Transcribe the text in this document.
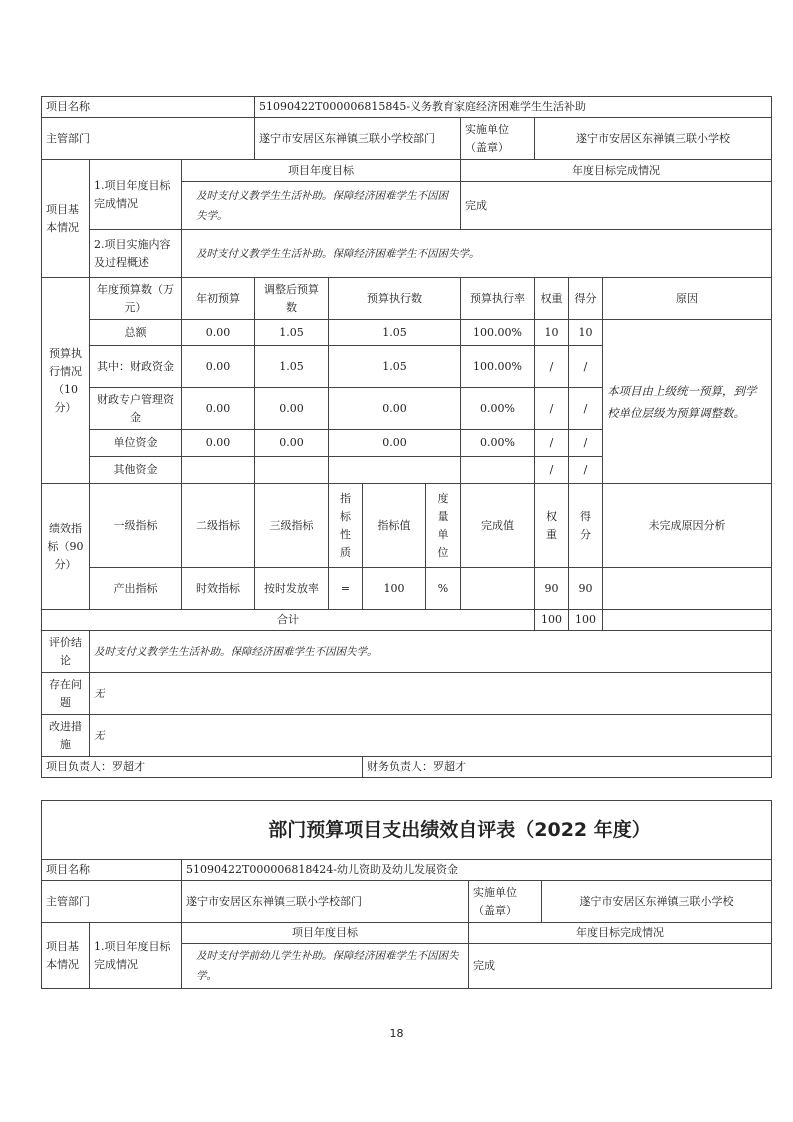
项目名称			51090422T000006815845-义务教育家庭经济困难学生生活补助							
主管部门			遂宁市安居区东禅镇三联小学校部门				实施单位（盖章）	遂宁市安居区东禅镇三联小学校		
项目基本情况	1.项目年度目标完成情况	项目年度目标					年度目标完成情况			
		及时支付义教学生生活补助。保障经济困难学生不因困失学。					完成			
	2.项目实施内容及过程概述	及时支付义教学生生活补助。保障经济困难学生不因困失学。								
预算执行情况（10分）	年度预算数（万元）	年初预算	调整后预算数	预算执行数			预算执行率	权重	得分	原因
	总额	0.00	1.05	1.05			100.00%	10	10	本项目由上级统一预算，到学校单位层级为预算调整数。
	其中：财政资金	0.00	1.05	1.05			100.00%	/	/	
	财政专户管理资金	0.00	0.00	0.00			0.00%	/	/	
	单位资金	0.00	0.00	0.00			0.00%	/	/	
	其他资金							/	/	
绩效指标（90分）	一级指标	二级指标	三级指标	指标性质	指标值	度量单位	完成值	权重	得分	未完成原因分析
	产出指标	时效指标	按时发放率	=	100	%		90	90	
合计								100	100	
评价结论	及时支付义教学生生活补助。保障经济困难学生不因困失学。									
存在问题	无									
改进措施	无									
项目负责人：罗超才					财务负责人：罗超才					
部门预算项目支出绩效自评表（2022 年度）				
项目名称		51090422T000006818424-幼儿资助及幼儿发展资金		
主管部门		遂宁市安居区东禅镇三联小学校部门	实施单位（盖章）	遂宁市安居区东禅镇三联小学校
项目基本情况	1.项目年度目标完成情况	项目年度目标	年度目标完成情况	
		及时支付学前幼儿学生补助。保障经济困难学生不因困失学。	完成	
18
